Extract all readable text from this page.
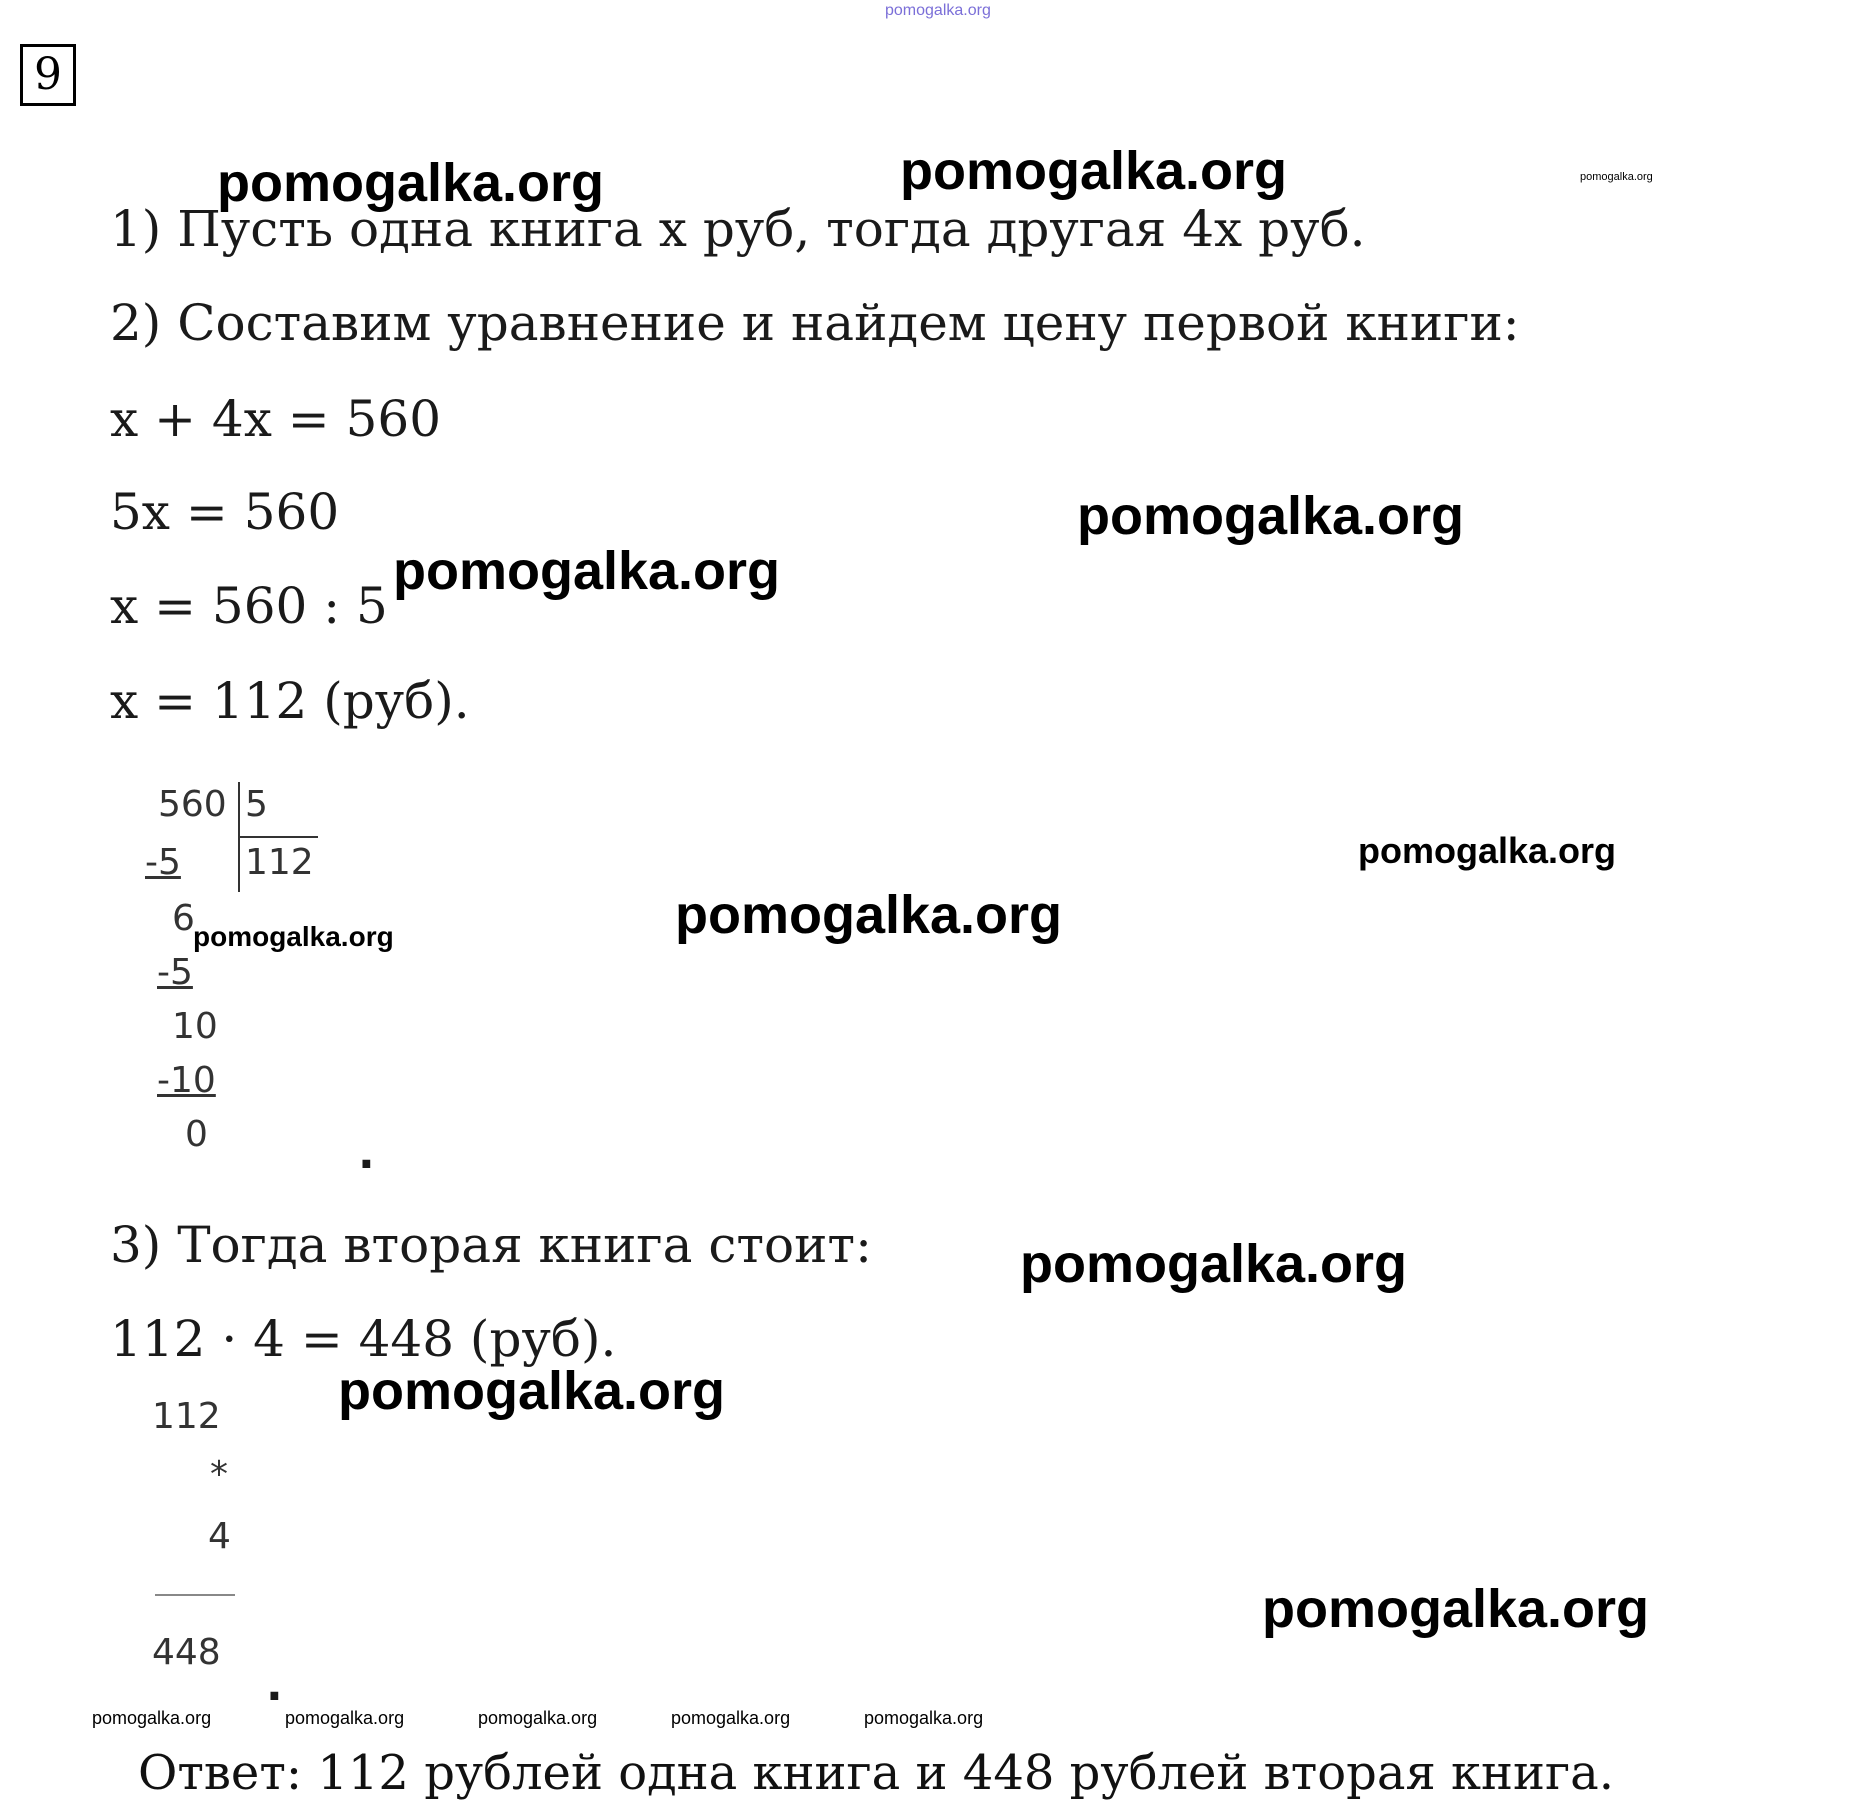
pomogalka.org
9
1) Пусть одна книга x руб, тогда другая 4x руб.
2) Составим уравнение и найдем цену первой книги:
x + 4x = 560
5x = 560
x = 560 : 5
x = 112 (руб).
560 5
112
-5
6
-5
10
-10
0	.
3) Тогда вторая книга стоит:
112 · 4 = 448 (руб).
112
*
4
448
.
Ответ: 112 рублей одна книга и 448 рублей вторая книга.
pomogalka.org	pomogalka.org	pomogalka.org
pomogalka.org
pomogalka.org
pomogalka.org
pomogalka.org
pomogalka.org
pomogalka.org
pomogalka.org
pomogalka.org
pomogalka.org	pomogalka.org	pomogalka.org	pomogalka.org	pomogalka.org
